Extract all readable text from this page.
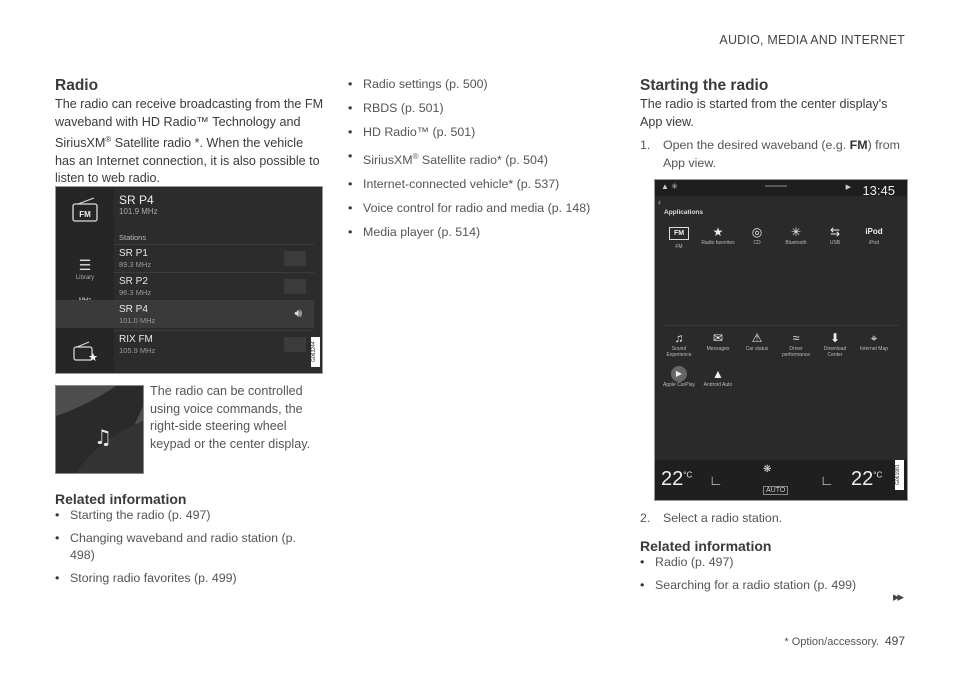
AUDIO, MEDIA AND INTERNET
Radio
The radio can receive broadcasting from the FM waveband with HD Radio™ Technology and SiriusXM® Satellite radio *. When the vehicle has an Internet connection, it is also possible to listen to web radio.
FM
☰
Library
★
SR P4
101.9 MHz
Stations
SR P1
89.3 MHz
SR P2
96.3 MHz
SR P4
101.0 MHz
🔊︎
RIX FM
105.9 MHz	G063244
♫
The radio can be controlled using voice commands, the right-side steering wheel keypad or the center display.
Related information
• Starting the radio (p. 497)
• Changing waveband and radio station (p. 498)
• Storing radio favorites (p. 499)
• Radio settings (p. 500)
• RBDS (p. 501)
• HD Radio™ (p. 501)
• SiriusXM® Satellite radio* (p. 504)
• Internet-connected vehicle* (p. 537)
• Voice control for radio and media (p. 148)
• Media player (p. 514)
Starting the radio
The radio is started from the center display's App view.
1. Open the desired waveband (e.g. FM) from App view.
▲ ✳	▶ 13:45
‹
Applications
FM
FM
★
Radio favorites
◎
CD
✳
Bluetooth
⇆
USB
iPod
iPod
♫
Sound Experience
✉
Messages
⚠
Car status
≈
Driver performance
⬇
Download Center
⌖
Internet Map
▶
Apple CarPlay
▲
Android Auto
$22^{^\circ C}$ ∟
❋
AUTO
∟ $22^{^\circ C}$	G061981
2. Select a radio station.
Related information
• Radio (p. 497)
• Searching for a radio station (p. 499)
▸▸
* Option/accessory. 497
